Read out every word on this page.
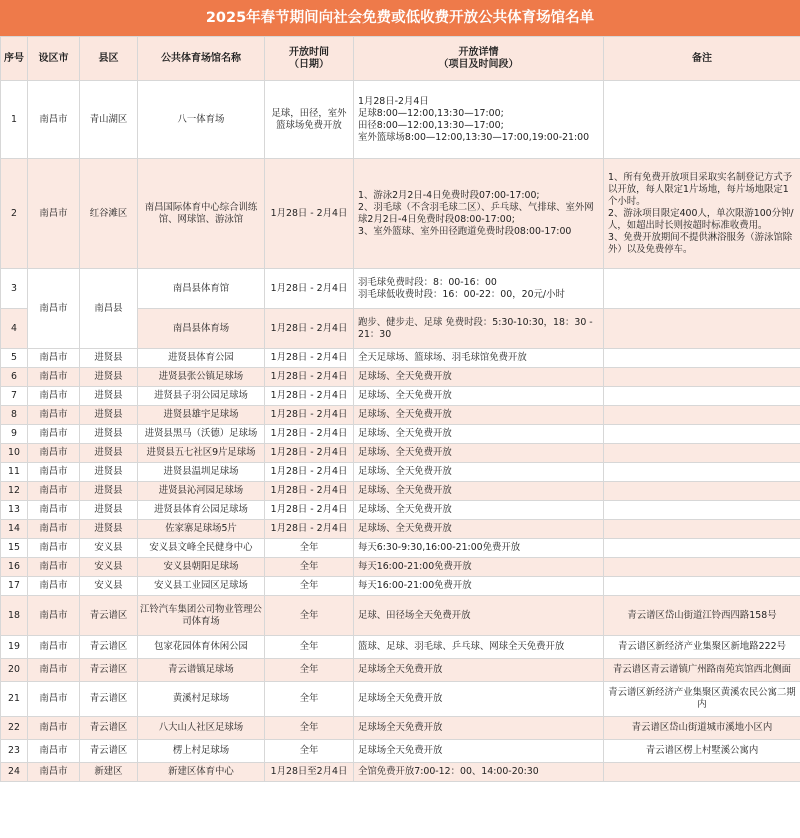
2025年春节期间向社会免费或低收费开放公共体育场馆名单
序号	设区市	县区	公共体育场馆名称	开放时间
（日期）	开放详情
（项目及时间段）	备注
1	南昌市	青山湖区	八一体育场	足球，田径，室外篮球场免费开放	1月28日-2月4日
足球8:00—12:00,13:30—17:00;
田径8:00—12:00,13:30—17:00;
室外篮球场8:00—12:00,13:30—17:00,19:00-21:00	
2	南昌市	红谷滩区	南昌国际体育中心综合训练馆、网球馆、游泳馆	1月28日 - 2月4日	1、游泳2月2日-4日免费时段07:00-17:00;
2、羽毛球（不含羽毛球二区）、乒乓球、气排球、室外网球2月2日-4日免费时段08:00-17:00;
3、室外篮球、室外田径跑道免费时段08:00-17:00	1、所有免费开放项目采取实名制登记方式予以开放，每人限定1片场地，每片场地限定1个小时。
2、游泳项目限定400人，单次限游100分钟/人，如超出时长则按超时标准收费用。
3、免费开放期间不提供淋浴服务（游泳馆除外）以及免费停车。
3	南昌市	南昌县	南昌县体育馆	1月28日 - 2月4日	羽毛球免费时段：8：00-16：00
羽毛球低收费时段：16：00-22：00，20元/小时	
4			南昌县体育场	1月28日 - 2月4日	跑步、健步走、足球 免费时段：5:30-10:30，18：30 - 21：30	
5	南昌市	进贤县	进贤县体育公园	1月28日 - 2月4日	全天足球场、篮球场、羽毛球馆免费开放	
6	南昌市	进贤县	进贤县张公镇足球场	1月28日 - 2月4日	足球场、全天免费开放	
7	南昌市	进贤县	进贤县子羽公园足球场	1月28日 - 2月4日	足球场、全天免费开放	
8	南昌市	进贤县	进贤县雄宇足球场	1月28日 - 2月4日	足球场、全天免费开放	
9	南昌市	进贤县	进贤县黑马（沃德）足球场	1月28日 - 2月4日	足球场、全天免费开放	
10	南昌市	进贤县	进贤县五七社区9片足球场	1月28日 - 2月4日	足球场、全天免费开放	
11	南昌市	进贤县	进贤县温圳足球场	1月28日 - 2月4日	足球场、全天免费开放	
12	南昌市	进贤县	进贤县沁河园足球场	1月28日 - 2月4日	足球场、全天免费开放	
13	南昌市	进贤县	进贤县体育公园足球场	1月28日 - 2月4日	足球场、全天免费开放	
14	南昌市	进贤县	佐家寨足球场5片	1月28日 - 2月4日	足球场、全天免费开放	
15	南昌市	安义县	安义县文峰全民健身中心	全年	每天6:30-9:30,16:00-21:00免费开放	
16	南昌市	安义县	安义县朝阳足球场	全年	每天16:00-21:00免费开放	
17	南昌市	安义县	安义县工业园区足球场	全年	每天16:00-21:00免费开放	
18	南昌市	青云谱区	江铃汽车集团公司物业管理公司体育场	全年	足球、田径场全天免费开放	青云谱区岱山街道江铃西四路158号
19	南昌市	青云谱区	包家花园体育休闲公园	全年	篮球、足球、羽毛球、乒乓球、网球全天免费开放	青云谱区新经济产业集聚区新地路222号
20	南昌市	青云谱区	青云谱镇足球场	全年	足球场全天免费开放	青云谱区青云谱镇广州路南苑宾馆西北侧面
21	南昌市	青云谱区	黄溪村足球场	全年	足球场全天免费开放	青云谱区新经济产业集聚区黄溪农民公寓二期内
22	南昌市	青云谱区	八大山人社区足球场	全年	足球场全天免费开放	青云谱区岱山街道城市溪地小区内
23	南昌市	青云谱区	楞上村足球场	全年	足球场全天免费开放	青云谱区楞上村墅溪公寓内
24	南昌市	新建区	新建区体育中心	1月28日至2月4日	全馆免费开放7:00-12：00、14:00-20:30	
